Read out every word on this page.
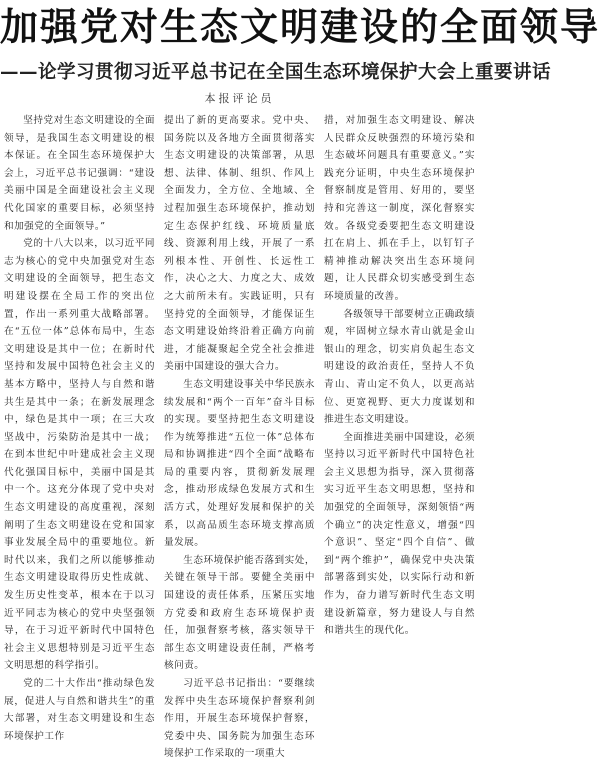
加强党对生态文明建设的全面领导
——论学习贯彻习近平总书记在全国生态环境保护大会上重要讲话
本报评论员

坚持党对生态文明建设的全面领导，是我国生态文明建设的根本保证。在全国生态环境保护大会上，习近平总书记强调：“建设美丽中国是全面建设社会主义现代化国家的重要目标，必须坚持和加强党的全面领导。”

党的十八大以来，以习近平同志为核心的党中央加强党对生态文明建设的全面领导，把生态文明建设摆在全局工作的突出位置，作出一系列重大战略部署。在“五位一体”总体布局中，生态文明建设是其中一位；在新时代坚持和发展中国特色社会主义的基本方略中，坚持人与自然和谐共生是其中一条；在新发展理念中，绿色是其中一项；在三大攻坚战中，污染防治是其中一战；在到本世纪中叶建成社会主义现代化强国目标中，美丽中国是其中一个。这充分体现了党中央对生态文明建设的高度重视，深刻阐明了生态文明建设在党和国家事业发展全局中的重要地位。新时代以来，我们之所以能够推动生态文明建设取得历史性成就、发生历史性变革，根本在于以习近平同志为核心的党中央坚强领导，在于习近平新时代中国特色社会主义思想特别是习近平生态文明思想的科学指引。

党的二十大作出“推动绿色发展，促进人与自然和谐共生”的重大部署，对生态文明建设和生态环境保护工作

提出了新的更高要求。党中央、国务院以及各地方全面贯彻落实生态文明建设的决策部署，从思想、法律、体制、组织、作风上全面发力，全方位、全地域、全过程加强生态环境保护，推动划定生态保护红线、环境质量底线、资源利用上线，开展了一系列根本性、开创性、长远性工作，决心之大、力度之大、成效之大前所未有。实践证明，只有坚持党的全面领导，才能保证生态文明建设始终沿着正确方向前进，才能凝聚起全党全社会推进美丽中国建设的强大合力。

生态文明建设事关中华民族永续发展和“两个一百年”奋斗目标的实现。要坚持把生态文明建设作为统筹推进“五位一体”总体布局和协调推进“四个全面”战略布局的重要内容，贯彻新发展理念，推动形成绿色发展方式和生活方式，处理好发展和保护的关系，以高品质生态环境支撑高质量发展。

生态环境保护能否落到实处，关键在领导干部。要健全美丽中国建设的责任体系，压紧压实地方党委和政府生态环境保护责任，加强督察考核，落实领导干部生态文明建设责任制，严格考核问责。

习近平总书记指出：“要继续发挥中央生态环境保护督察利剑作用，开展生态环境保护督察，党委中央、国务院为加强生态环境保护工作采取的一项重大

措，对加强生态文明建设、解决人民群众反映强烈的环境污染和生态破坏问题具有重要意义。”实践充分证明，中央生态环境保护督察制度是管用、好用的，要坚持和完善这一制度，深化督察实效。各级党委要把生态文明建设扛在肩上、抓在手上，以钉钉子精神推动解决突出生态环境问题，让人民群众切实感受到生态环境质量的改善。

各级领导干部要树立正确政绩观，牢固树立绿水青山就是金山银山的理念，切实肩负起生态文明建设的政治责任，坚持人不负青山、青山定不负人，以更高站位、更宽视野、更大力度谋划和推进生态文明建设。

全面推进美丽中国建设，必须坚持以习近平新时代中国特色社会主义思想为指导，深入贯彻落实习近平生态文明思想，坚持和加强党的全面领导，深刻领悟“两个确立”的决定性意义，增强“四个意识”、坚定“四个自信”、做到“两个维护”，确保党中央决策部署落到实处，以实际行动和新作为，奋力谱写新时代生态文明建设新篇章，努力建设人与自然和谐共生的现代化。
